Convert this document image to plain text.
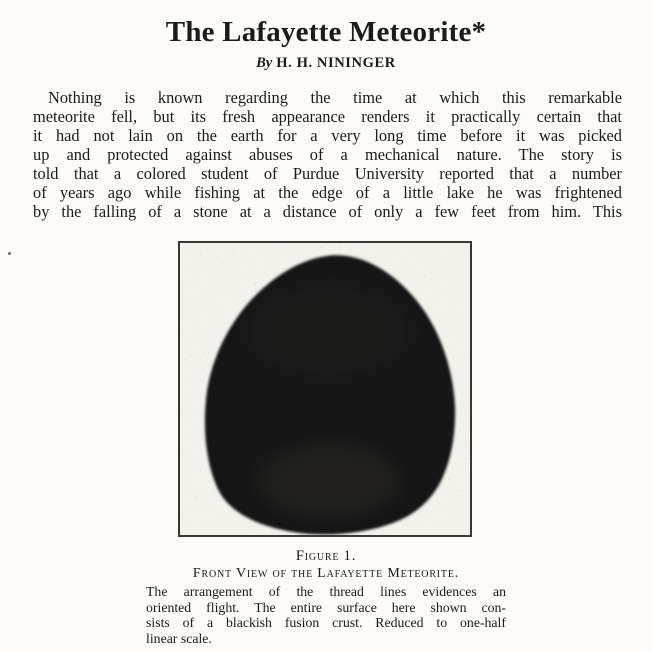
The Lafayette Meteorite*
By H. H. NININGER
Nothing is known regarding the time at which this remarkable
meteorite fell, but its fresh appearance renders it practically certain that
it had not lain on the earth for a very long time before it was picked
up and protected against abuses of a mechanical nature. The story is
told that a colored student of Purdue University reported that a number
of years ago while fishing at the edge of a little lake he was frightened
by the falling of a stone at a distance of only a few feet from him. This
Figure 1.
Front View of the Lafayette Meteorite.
The arrangement of the thread lines evidences an
oriented flight. The entire surface here shown con-
sists of a blackish fusion crust. Reduced to one-half
linear scale.
